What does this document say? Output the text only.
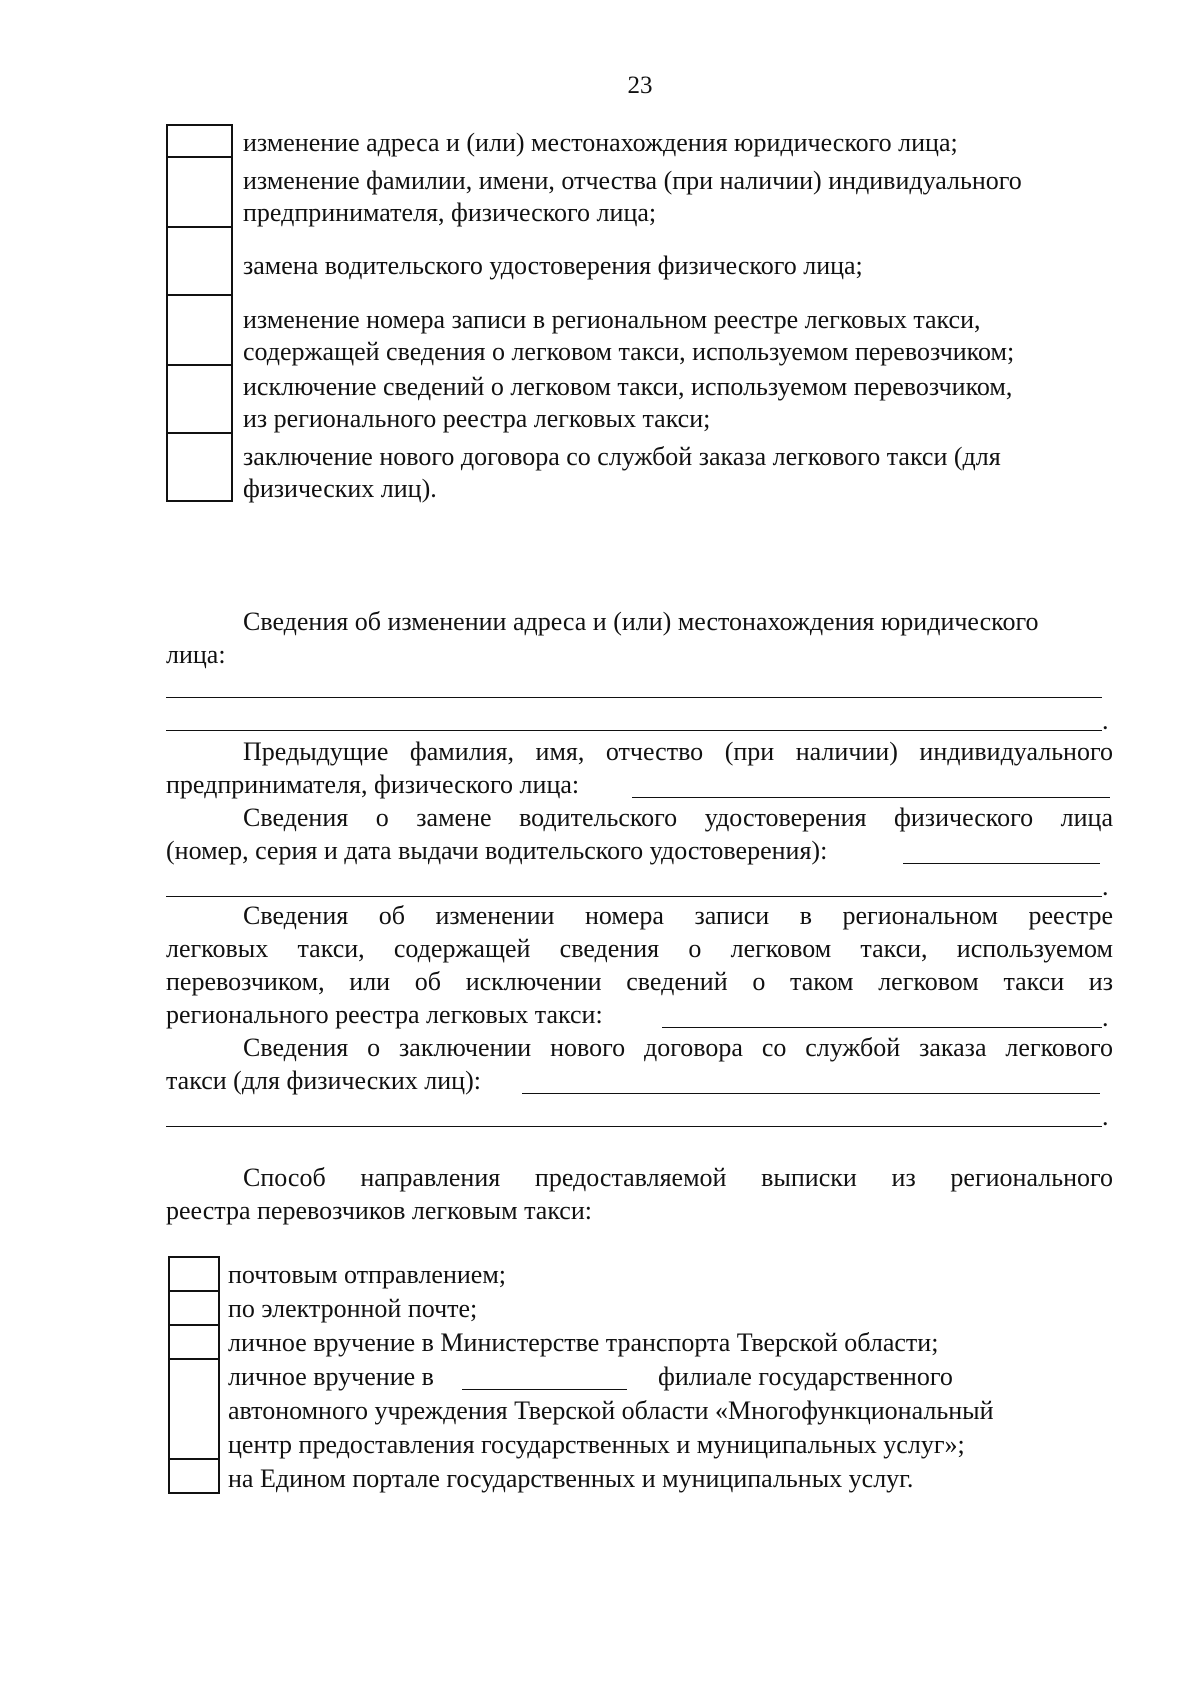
23
изменение адреса и (или) местонахождения юридического лица;
изменение фамилии, имени, отчества (при наличии) индивидуального
предпринимателя, физического лица;
замена водительского удостоверения физического лица;
изменение номера записи в региональном реестре легковых такси,
содержащей сведения о легковом такси, используемом перевозчиком;
исключение сведений о легковом такси, используемом перевозчиком,
из регионального реестра легковых такси;
заключение нового договора со службой заказа легкового такси (для
физических лиц).
Сведения об изменении адреса и (или) местонахождения юридического
лица:
.
Предыдущие фамилия, имя, отчество (при наличии) индивидуального
предпринимателя, физического лица:
Сведения о замене водительского удостоверения физического лица
(номер, серия и дата выдачи водительского удостоверения):
.
Сведения об изменении номера записи в региональном реестре
легковых такси, содержащей сведения о легковом такси, используемом
перевозчиком, или об исключении сведений о таком легковом такси из
регионального реестра легковых такси:	.
Сведения о заключении нового договора со службой заказа легкового
такси (для физических лиц):
.
Способ направления предоставляемой выписки из регионального
реестра перевозчиков легковым такси:
почтовым отправлением;
по электронной почте;
личное вручение в Министерстве транспорта Тверской области;
личное вручение в	филиале государственного
автономного учреждения Тверской области «Многофункциональный
центр предоставления государственных и муниципальных услуг»;
на Едином портале государственных и муниципальных услуг.
